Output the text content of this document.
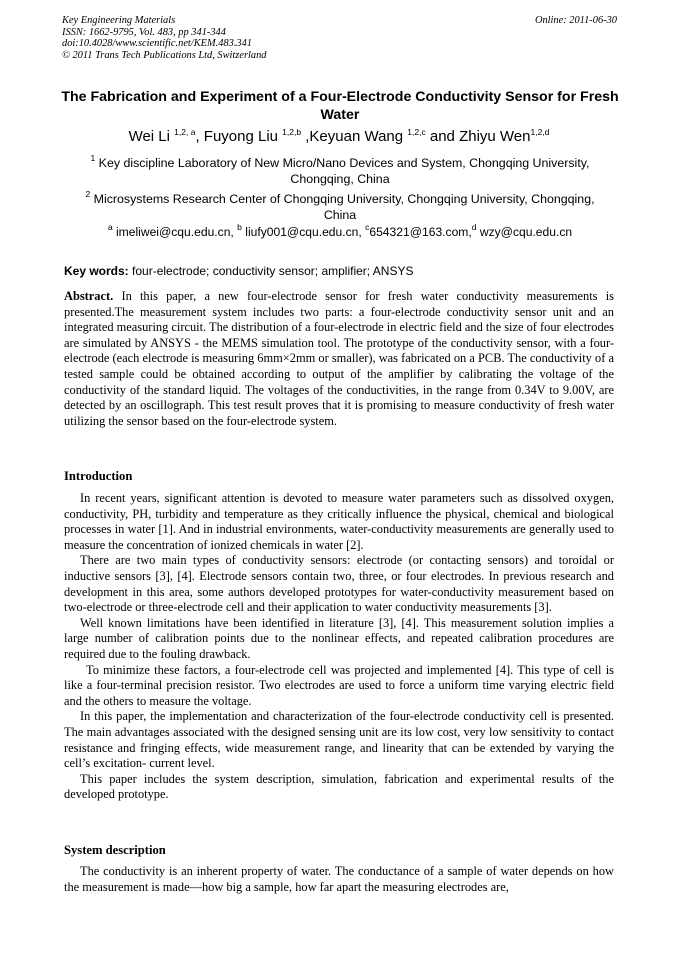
Key Engineering Materials
ISSN: 1662-9795, Vol. 483, pp 341-344
doi:10.4028/www.scientific.net/KEM.483.341
© 2011 Trans Tech Publications Ltd, Switzerland
Online: 2011-06-30
The Fabrication and Experiment of a Four-Electrode Conductivity Sensor for Fresh Water
Wei Li $^{1,2, a}$, Fuyong Liu $^{1,2,b}$ ,Keyuan Wang $^{1,2,c}$ and Zhiyu Wen$^{1,2,d}$
$^1$ Key discipline Laboratory of New Micro/Nano Devices and System, Chongqing University, Chongqing, China
$^2$ Microsystems Research Center of Chongqing University, Chongqing University, Chongqing, China
$^a$ imeliwei@cqu.edu.cn, $^b$ liufy001@cqu.edu.cn, $^c$654321@163.com,$^d$ wzy@cqu.edu.cn
Key words: four-electrode; conductivity sensor; amplifier; ANSYS

Abstract. In this paper, a new four-electrode sensor for fresh water conductivity measurements is presented.The measurement system includes two parts: a four-electrode conductivity sensor unit and an integrated measuring circuit. The distribution of a four-electrode in electric field and the size of four electrodes are simulated by ANSYS - the MEMS simulation tool. The prototype of the conductivity sensor, with a four-electrode (each electrode is measuring 6mm×2mm or smaller), was fabricated on a PCB. The conductivity of a tested sample could be obtained according to output of the amplifier by calibrating the voltage of the conductivity of the standard liquid. The voltages of the conductivities, in the range from 0.34V to 9.00V, are detected by an oscillograph. This test result proves that it is promising to measure conductivity of fresh water utilizing the sensor based on the four-electrode system.

Introduction

In recent years, significant attention is devoted to measure water parameters such as dissolved oxygen, conductivity, PH, turbidity and temperature as they critically influence the physical, chemical and biological processes in water [1]. And in industrial environments, water-conductivity measurements are generally used to measure the concentration of ionized chemicals in water [2].

There are two main types of conductivity sensors: electrode (or contacting sensors) and toroidal or inductive sensors [3], [4]. Electrode sensors contain two, three, or four electrodes. In previous research and development in this area, some authors developed prototypes for water-conductivity measurement based on two-electrode or three-electrode cell and their application to water conductivity measurements [3].

Well known limitations have been identified in literature [3], [4]. This measurement solution implies a large number of calibration points due to the nonlinear effects, and repeated calibration procedures are required due to the fouling drawback.

To minimize these factors, a four-electrode cell was projected and implemented [4]. This type of cell is like a four-terminal precision resistor. Two electrodes are used to force a uniform time varying electric field and the others to measure the voltage.

In this paper, the implementation and characterization of the four-electrode conductivity cell is presented. The main advantages associated with the designed sensing unit are its low cost, very low sensitivity to contact resistance and fringing effects, wide measurement range, and linearity that can be extended by varying the cell’s excitation- current level.

This paper includes the system description, simulation, fabrication and experimental results of the developed prototype.

System description

The conductivity is an inherent property of water. The conductance of a sample of water depends on how the measurement is made—how big a sample, how far apart the measuring electrodes are,
